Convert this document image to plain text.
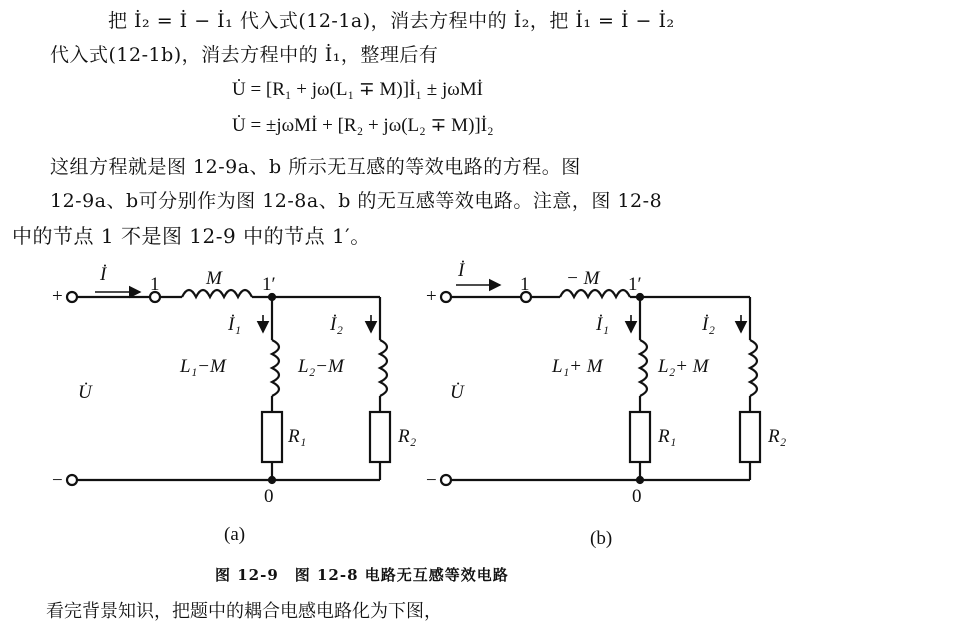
把 İ₂ = İ − İ₁ 代入式(12-1a)，消去方程中的 İ₂，把 İ₁ = İ − İ₂
代入式(12-1b)，消去方程中的 İ₁，整理后有
U̇ = [R₁ + jω(L₁ ∓ M)]İ₁ ± jωMİ
U̇ = ±jωMİ + [R₂ + jω(L₂ ∓ M)]İ₂
这组方程就是图 12-9a、b 所示无互感的等效电路的方程。图
12-9a、b可分别作为图 12-8a、b 的无互感等效电路。注意，图 12-8
中的节点 1 不是图 12-9 中的节点 1′。
İ 1	1′
M
İ₁	İ₂
L₁−M	L₂−M
R₁	R₂
U̇
+
−
0
(a)
İ
1	1′
− M
İ₁	İ₂
L₁+ M	L₂+ M
R₁	R₂
U̇
+
−
0
(b)
图 12-9　图 12-8 电路无互感等效电路
看完背景知识，把题中的耦合电感电路化为下图，
